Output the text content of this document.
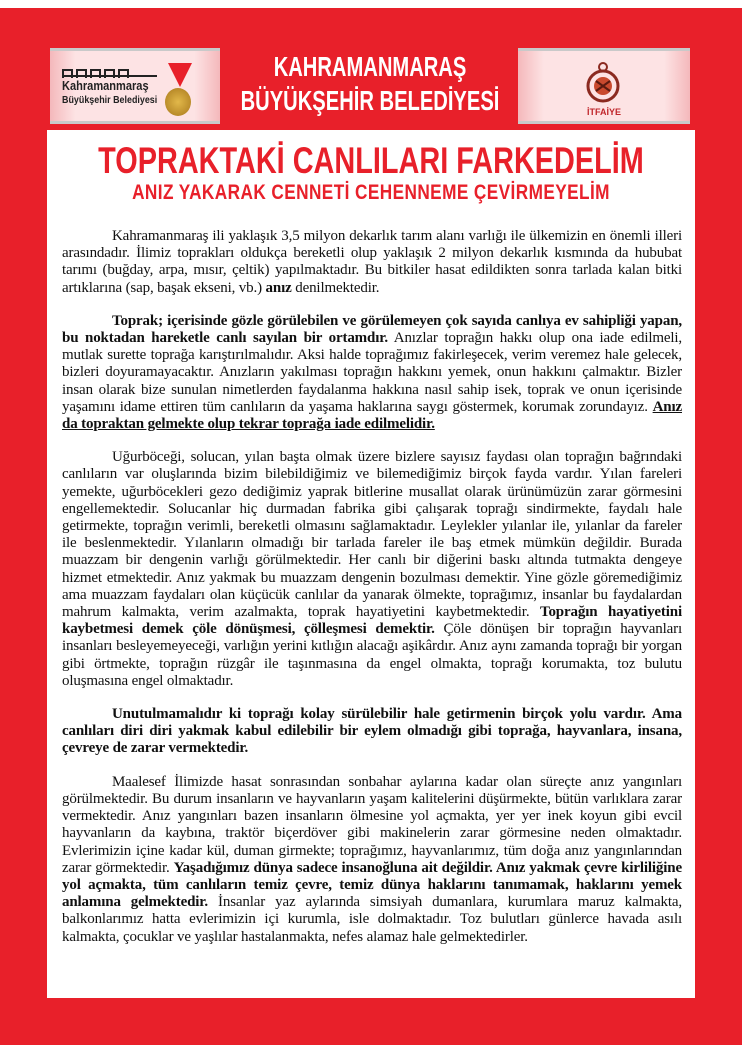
Kahramanmaraş
Büyükşehir Belediyesi
KAHRAMANMARAŞ
BÜYÜKŞEHİR BELEDİYESİ	İTFAİYE
TOPRAKTAKİ CANLILARI FARKEDELİM
ANIZ YAKARAK CENNETİ CEHENNEME ÇEVİRMEYELİM

Kahramanmaraş ili yaklaşık 3,5 milyon dekarlık tarım alanı varlığı ile ülkemizin en önemli illeri arasındadır. İlimiz toprakları oldukça bereketli olup yaklaşık 2 milyon dekarlık kısmında da hububat tarımı (buğday, arpa, mısır, çeltik) yapılmaktadır. Bu bitkiler hasat edildikten sonra tarlada kalan bitki artıklarına (sap, başak ekseni, vb.) anız denilmektedir.

Toprak; içerisinde gözle görülebilen ve görülemeyen çok sayıda canlıya ev sahipliği yapan, bu noktadan hareketle canlı sayılan bir ortamdır. Anızlar toprağın hakkı olup ona iade edilmeli, mutlak surette toprağa karıştırılmalıdır. Aksi halde toprağımız fakirleşecek, verim veremez hale gelecek, bizleri doyuramayacaktır. Anızların yakılması toprağın hakkını yemek, onun hakkını çalmaktır. Bizler insan olarak bize sunulan nimetlerden faydalanma hakkına nasıl sahip isek, toprak ve onun içerisinde yaşamını idame ettiren tüm canlıların da yaşama haklarına saygı göstermek, korumak zorundayız. Anız da topraktan gelmekte olup tekrar toprağa iade edilmelidir.

Uğurböceği, solucan, yılan başta olmak üzere bizlere sayısız faydası olan toprağın bağrındaki canlıların var oluşlarında bizim bilebildiğimiz ve bilemediğimiz birçok fayda vardır. Yılan fareleri yemekte, uğurböcekleri gezo dediğimiz yaprak bitlerine musallat olarak ürünümüzün zarar görmesini engellemektedir. Solucanlar hiç durmadan fabrika gibi çalışarak toprağı sindirmekte, faydalı hale getirmekte, toprağın verimli, bereketli olmasını sağlamaktadır. Leylekler yılanlar ile, yılanlar da fareler ile beslenmektedir. Yılanların olmadığı bir tarlada fareler ile baş etmek mümkün değildir. Burada muazzam bir dengenin varlığı görülmektedir. Her canlı bir diğerini baskı altında tutmakta dengeye hizmet etmektedir. Anız yakmak bu muazzam dengenin bozulması demektir. Yine gözle göremediğimiz ama muazzam faydaları olan küçücük canlılar da yanarak ölmekte, toprağımız, insanlar bu faydalardan mahrum kalmakta, verim azalmakta, toprak hayatiyetini kaybetmektedir. Toprağın hayatiyetini kaybetmesi demek çöle dönüşmesi, çölleşmesi demektir. Çöle dönüşen bir toprağın hayvanları insanları besleyemeyeceği, varlığın yerini kıtlığın alacağı aşikârdır. Anız aynı zamanda toprağı bir yorgan gibi örtmekte, toprağın rüzgâr ile taşınmasına da engel olmakta, toprağı korumakta, toz bulutu oluşmasına engel olmaktadır.

Unutulmamalıdır ki toprağı kolay sürülebilir hale getirmenin birçok yolu vardır. Ama canlıları diri diri yakmak kabul edilebilir bir eylem olmadığı gibi toprağa, hayvanlara, insana, çevreye de zarar vermektedir.

Maalesef İlimizde hasat sonrasından sonbahar aylarına kadar olan süreçte anız yangınları görülmektedir. Bu durum insanların ve hayvanların yaşam kalitelerini düşürmekte, bütün varlıklara zarar vermektedir. Anız yangınları bazen insanların ölmesine yol açmakta, yer yer inek koyun gibi evcil hayvanların da kaybına, traktör biçerdöver gibi makinelerin zarar görmesine neden olmaktadır. Evlerimizin içine kadar kül, duman girmekte; toprağımız, hayvanlarımız, tüm doğa anız yangınlarından zarar görmektedir. Yaşadığımız dünya sadece insanoğluna ait değildir. Anız yakmak çevre kirliliğine yol açmakta, tüm canlıların temiz çevre, temiz dünya haklarını tanımamak, haklarını yemek anlamına gelmektedir. İnsanlar yaz aylarında simsiyah dumanlara, kurumlara maruz kalmakta, balkonlarımız hatta evlerimizin içi kurumla, isle dolmaktadır. Toz bulutları günlerce havada asılı kalmakta, çocuklar ve yaşlılar hastalanmakta, nefes alamaz hale gelmektedirler.
